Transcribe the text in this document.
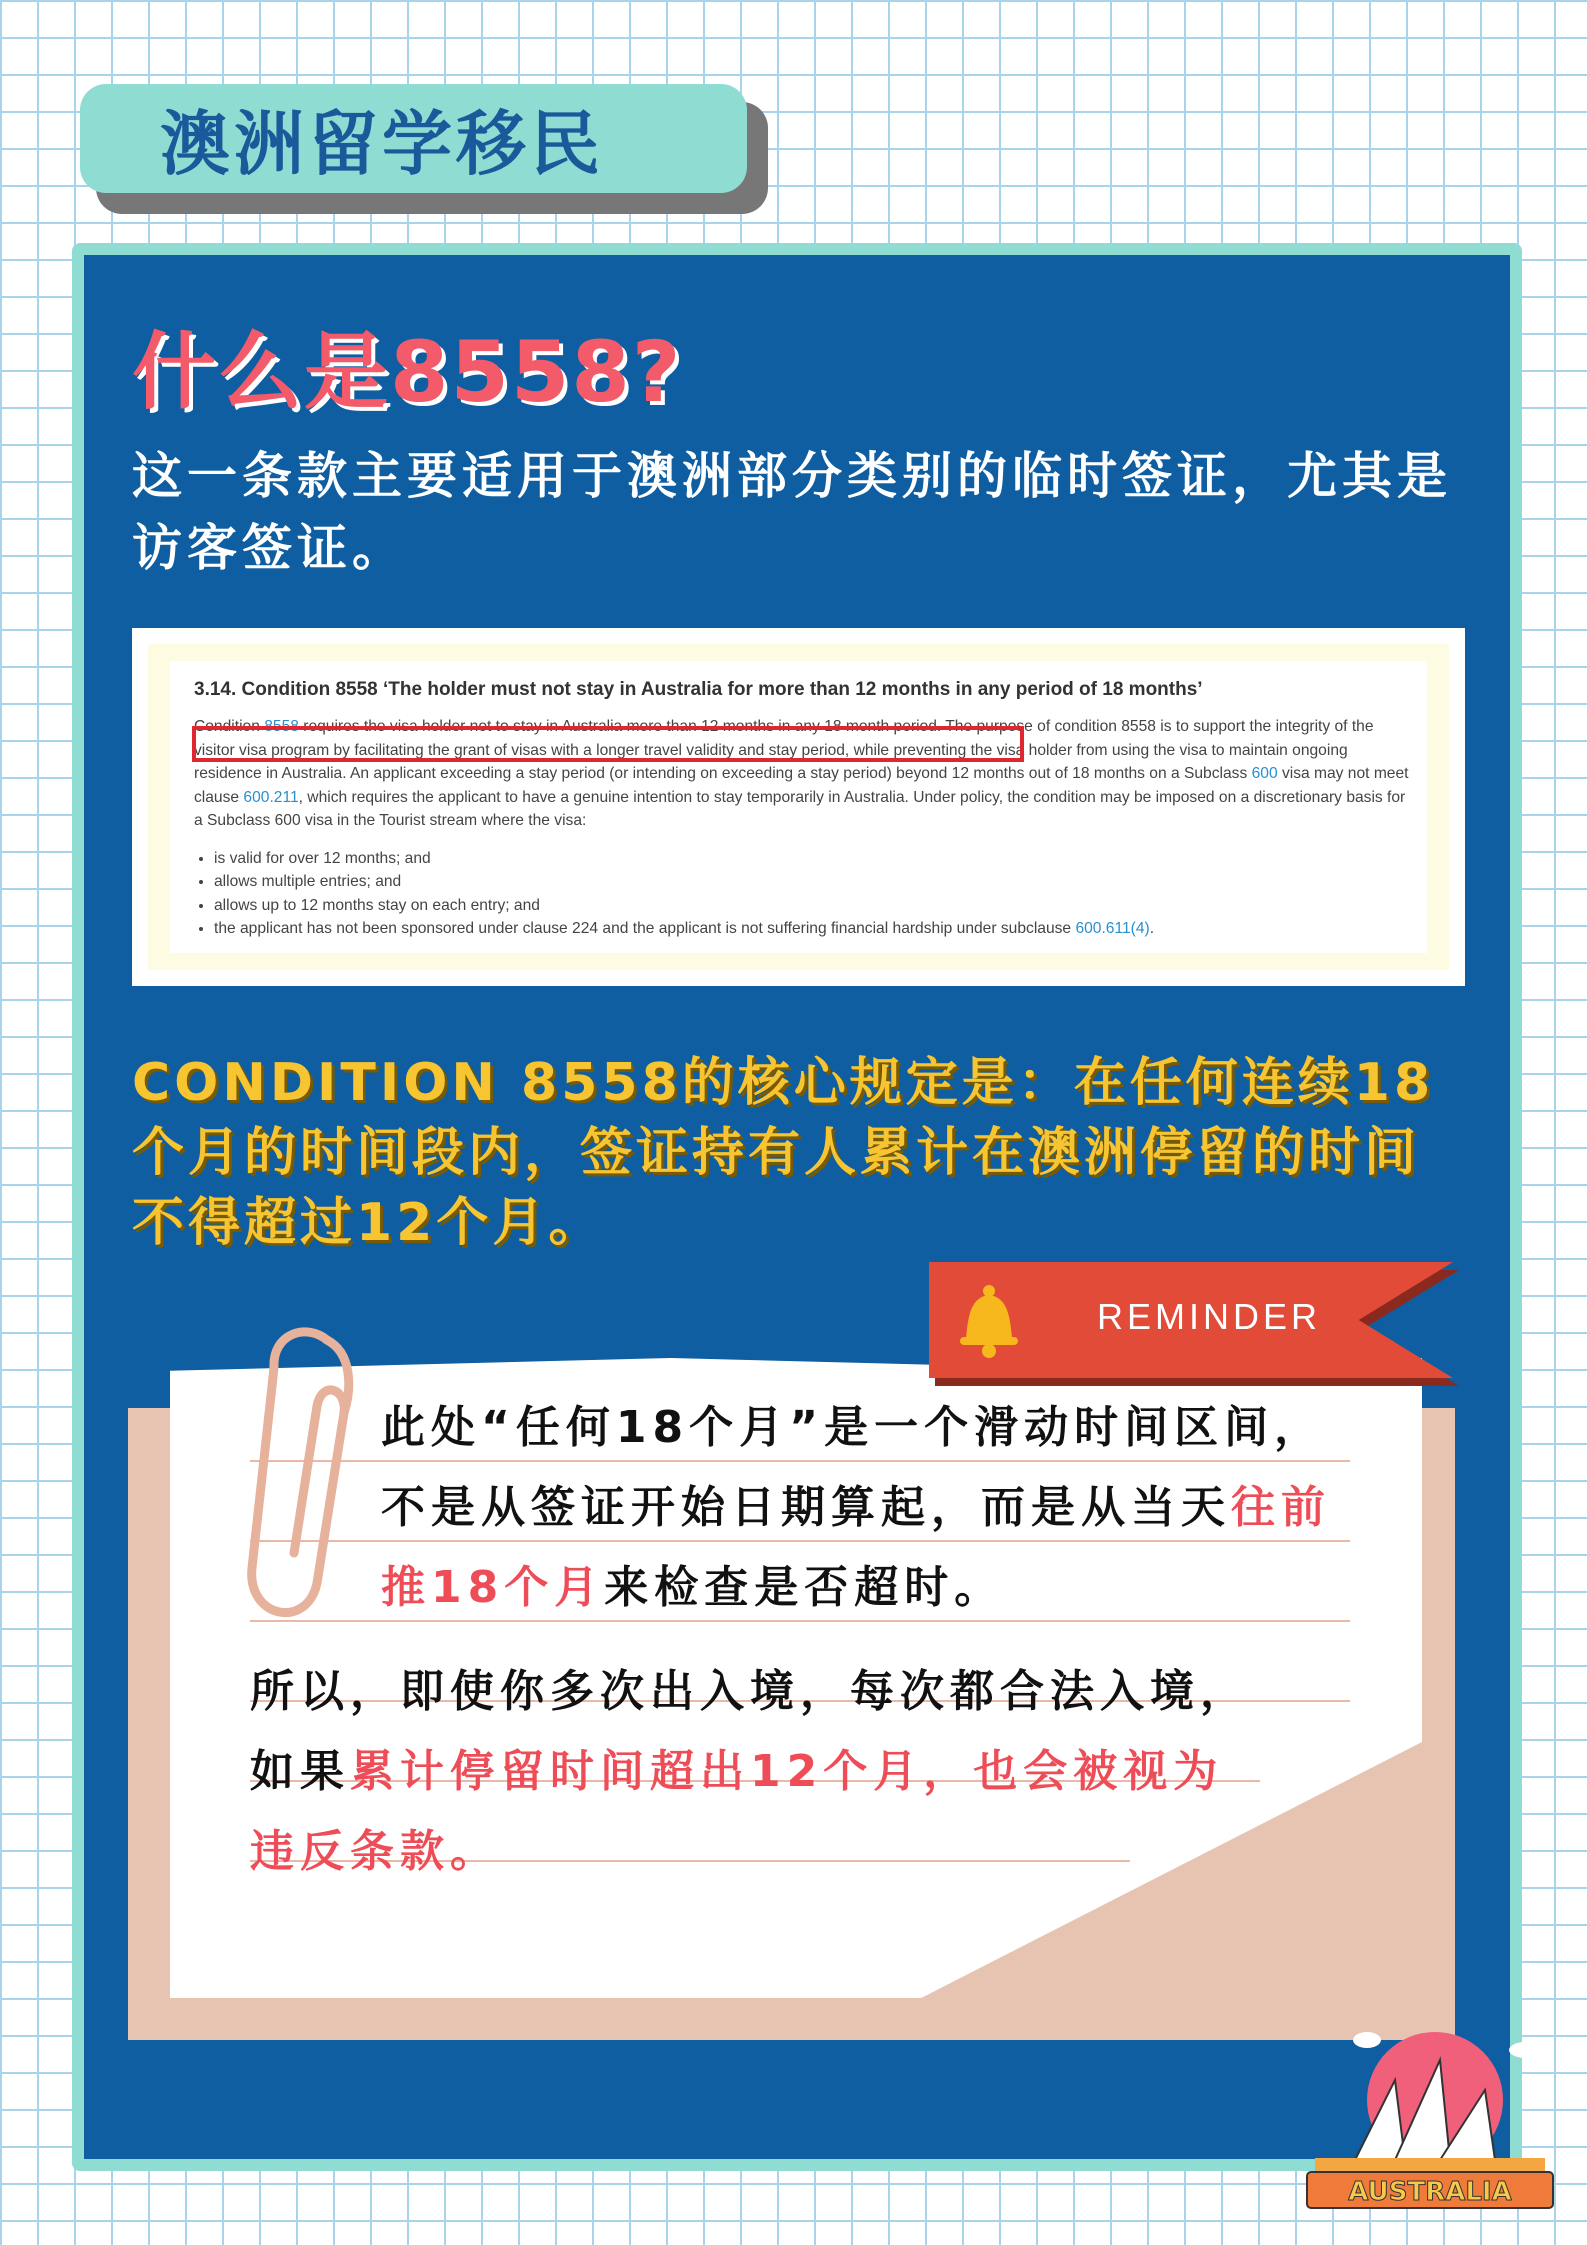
澳洲留学移民
什么是8558?
这一条款主要适用于澳洲部分类别的临时签证，尤其是访客签证。
3.14. Condition 8558 ‘The holder must not stay in Australia for more than 12 months in any period of 18 months’
Condition 8558 requires the visa holder not to stay in Australia more than 12 months in any 18 month period. The purpose of condition 8558 is to support the integrity of the visitor visa program by facilitating the grant of visas with a longer travel validity and stay period, while preventing the visa holder from using the visa to maintain ongoing residence in Australia. An applicant exceeding a stay period (or intending on exceeding a stay period) beyond 12 months out of 18 months on a Subclass 600 visa may not meet clause 600.211, which requires the applicant to have a genuine intention to stay temporarily in Australia. Under policy, the condition may be imposed on a discretionary basis for a Subclass 600 visa in the Tourist stream where the visa:
• is valid for over 12 months; and
• allows multiple entries; and
• allows up to 12 months stay on each entry; and
• the applicant has not been sponsored under clause 224 and the applicant is not suffering financial hardship under subclause 600.611(4).
CONDITION 8558的核心规定是：在任何连续18个月的时间段内，签证持有人累计在澳洲停留的时间不得超过12个月。
此处“任何18个月”是一个滑动时间区间，
不是从签证开始日期算起，而是从当天往前
推18个月来检查是否超时。
所以，即使你多次出入境，每次都合法入境，
如果累计停留时间超出12个月，也会被视为
违反条款。
REMINDER
AUSTRALIA
